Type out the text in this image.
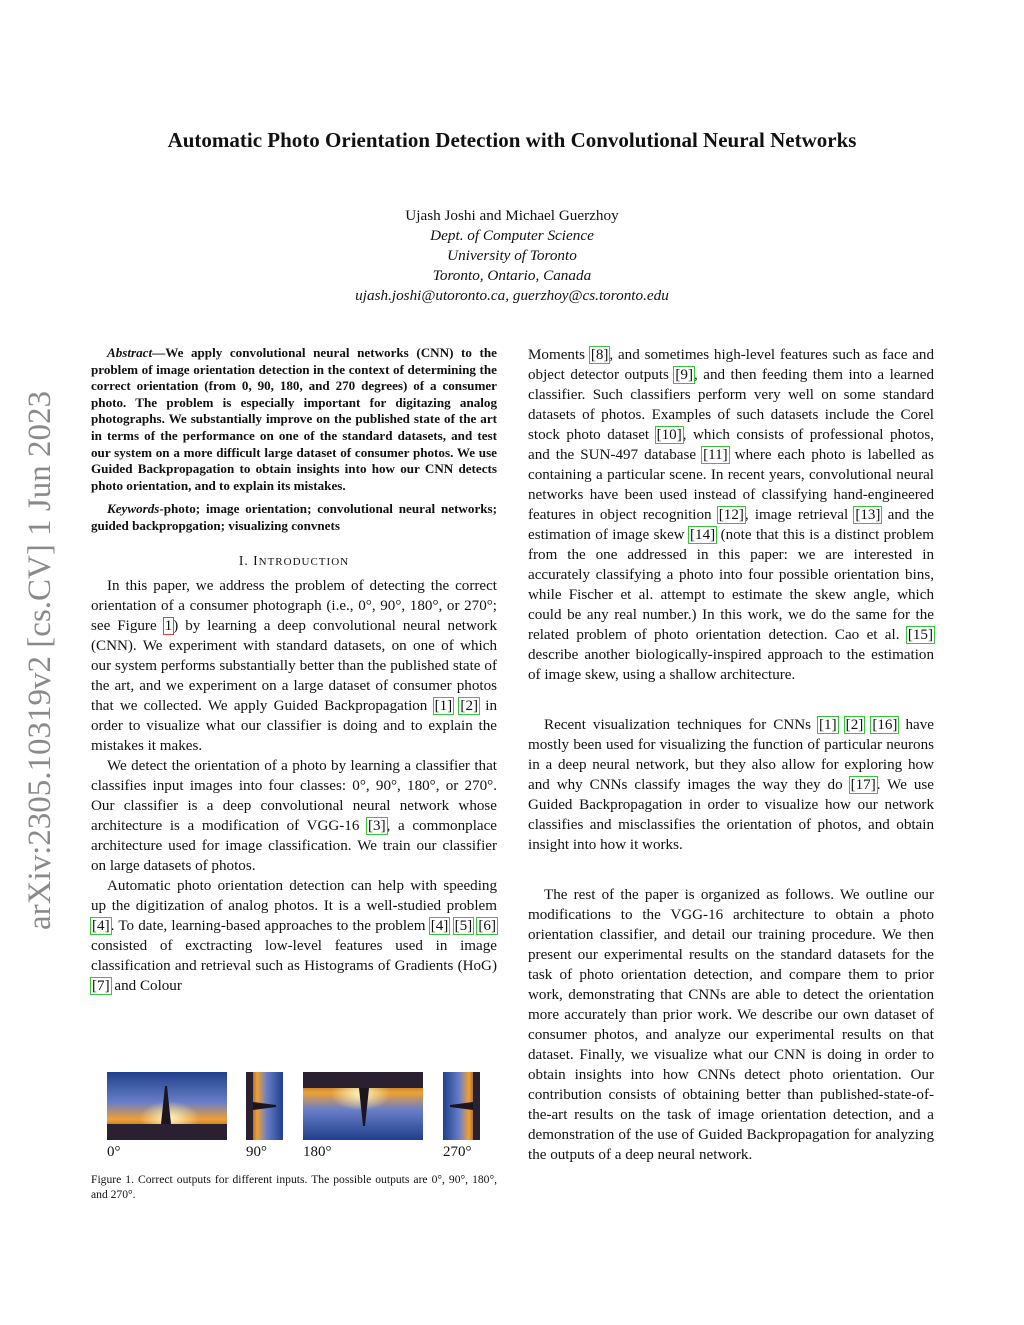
Automatic Photo Orientation Detection with Convolutional Neural Networks
Ujash Joshi and Michael Guerzhoy
Dept. of Computer Science
University of Toronto
Toronto, Ontario, Canada
ujash.joshi@utoronto.ca, guerzhoy@cs.toronto.edu
arXiv:2305.10319v2 [cs.CV] 1 Jun 2023

Abstract—We apply convolutional neural networks (CNN) to the problem of image orientation detection in the context of determining the correct orientation (from 0, 90, 180, and 270 degrees) of a consumer photo. The problem is especially important for digitazing analog photographs. We substantially improve on the published state of the art in terms of the performance on one of the standard datasets, and test our system on a more difficult large dataset of consumer photos. We use Guided Backpropagation to obtain insights into how our CNN detects photo orientation, and to explain its mistakes.

Keywords-photo; image orientation; convolutional neural networks; guided backpropgation; visualizing convnets

I. INTRODUCTION

In this paper, we address the problem of detecting the correct orientation of a consumer photograph (i.e., 0°, 90°, 180°, or 270°; see Figure 1) by learning a deep convolutional neural network (CNN). We experiment with standard datasets, on one of which our system performs substantially better than the published state of the art, and we experiment on a large dataset of consumer photos that we collected. We apply Guided Backpropagation [1] [2] in order to visualize what our classifier is doing and to explain the mistakes it makes.

We detect the orientation of a photo by learning a classifier that classifies input images into four classes: 0°, 90°, 180°, or 270°. Our classifier is a deep convolutional neural network whose architecture is a modification of VGG-16 [3], a commonplace architecture used for image classification. We train our classifier on large datasets of photos.

Automatic photo orientation detection can help with speeding up the digitization of analog photos. It is a well-studied problem [4]. To date, learning-based approaches to the problem [4] [5] [6] consisted of exctracting low-level features used in image classification and retrieval such as Histograms of Gradients (HoG) [7] and Colour

Moments [8], and sometimes high-level features such as face and object detector outputs [9], and then feeding them into a learned classifier. Such classifiers perform very well on some standard datasets of photos. Examples of such datasets include the Corel stock photo dataset [10], which consists of professional photos, and the SUN-497 database [11] where each photo is labelled as containing a particular scene. In recent years, convolutional neural networks have been used instead of classifying hand-engineered features in object recognition [12], image retrieval [13] and the estimation of image skew [14] (note that this is a distinct problem from the one addressed in this paper: we are interested in accurately classifying a photo into four possible orientation bins, while Fischer et al. attempt to estimate the skew angle, which could be any real number.) In this work, we do the same for the related problem of photo orientation detection. Cao et al. [15] describe another biologically-inspired approach to the estimation of image skew, using a shallow architecture.

Recent visualization techniques for CNNs [1] [2] [16] have mostly been used for visualizing the function of particular neurons in a deep neural network, but they also allow for exploring how and why CNNs classify images the way they do [17]. We use Guided Backpropagation in order to visualize how our network classifies and misclassifies the orientation of photos, and obtain insight into how it works.

The rest of the paper is organized as follows. We outline our modifications to the VGG-16 architecture to obtain a photo orientation classifier, and detail our training procedure. We then present our experimental results on the standard datasets for the task of photo orientation detection, and compare them to prior work, demonstrating that CNNs are able to detect the orientation more accurately than prior work. We describe our own dataset of consumer photos, and analyze our experimental results on that dataset. Finally, we visualize what our CNN is doing in order to obtain insights into how CNNs detect photo orientation. Our contribution consists of obtaining better than published-state-of-the-art results on the task of image orientation detection, and a demonstration of the use of Guided Backpropagation for analyzing the outputs of a deep neural network.

0°	90° 180°	270°
Figure 1. Correct outputs for different inputs. The possible outputs are 0°, 90°, 180°, and 270°.
